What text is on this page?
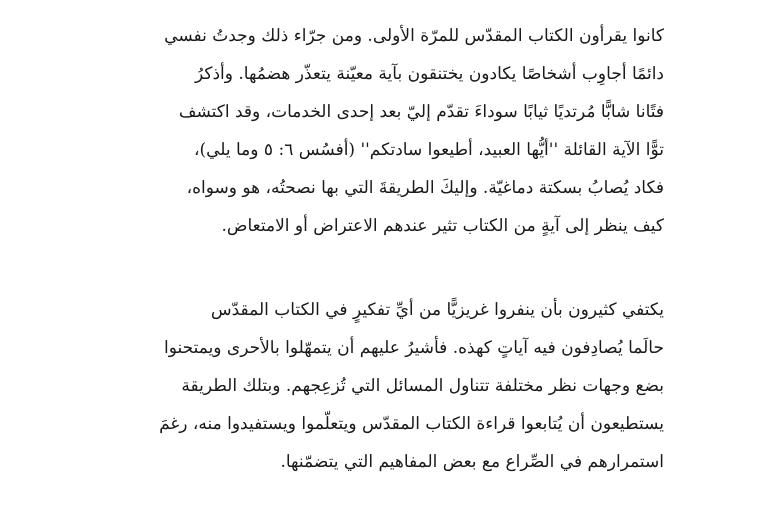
كانوا يقرأون الكتاب المقدّس للمرّة الأولى. ومن جرّاء ذلك وجدتُ نفسي
دائمًا أجاوِب أشخاصًا يكادون يختنقون بآية معيّنة يتعذّر هضمُها. وأذكرُ
فتًانا شابًّا مُرتديًا ثيابًا سوداءَ تقدّم إليّ بعد إحدى الخدمات، وقد اكتشف
توًّا الآية القائلة ''أيُّها العبيد، أطيعوا سادتكم'' (أفسُس ٦: ٥ وما يلي)،
فكاد يُصابُ بسكتة دماغيّة. وإليكَ الطريقةَ التي بها نصحتُه، هو وسواه،
كيف ينظر إلى آيةٍ من الكتاب تثير عندهم الاعتراض أو الامتعاض.
يكتفي كثيرون بأن ينفروا غريزيًّا من أيِّ تفكيرٍ في الكتاب المقدّس
حالَما يُصادِفون فيه آياتٍ كهذه. فأشيرُ عليهم أن يتمهّلوا بالأحرى ويمتحنوا
بضع وجهات نظر مختلفة تتناول المسائل التي تُزعِجهم. وبتلك الطريقة
يستطيعون أن يُتابعوا قراءة الكتاب المقدّس ويتعلّموا ويستفيدوا منه، رغمَ
استمرارهم في الصِّراع مع بعض المفاهيم التي يتضمّنها.
